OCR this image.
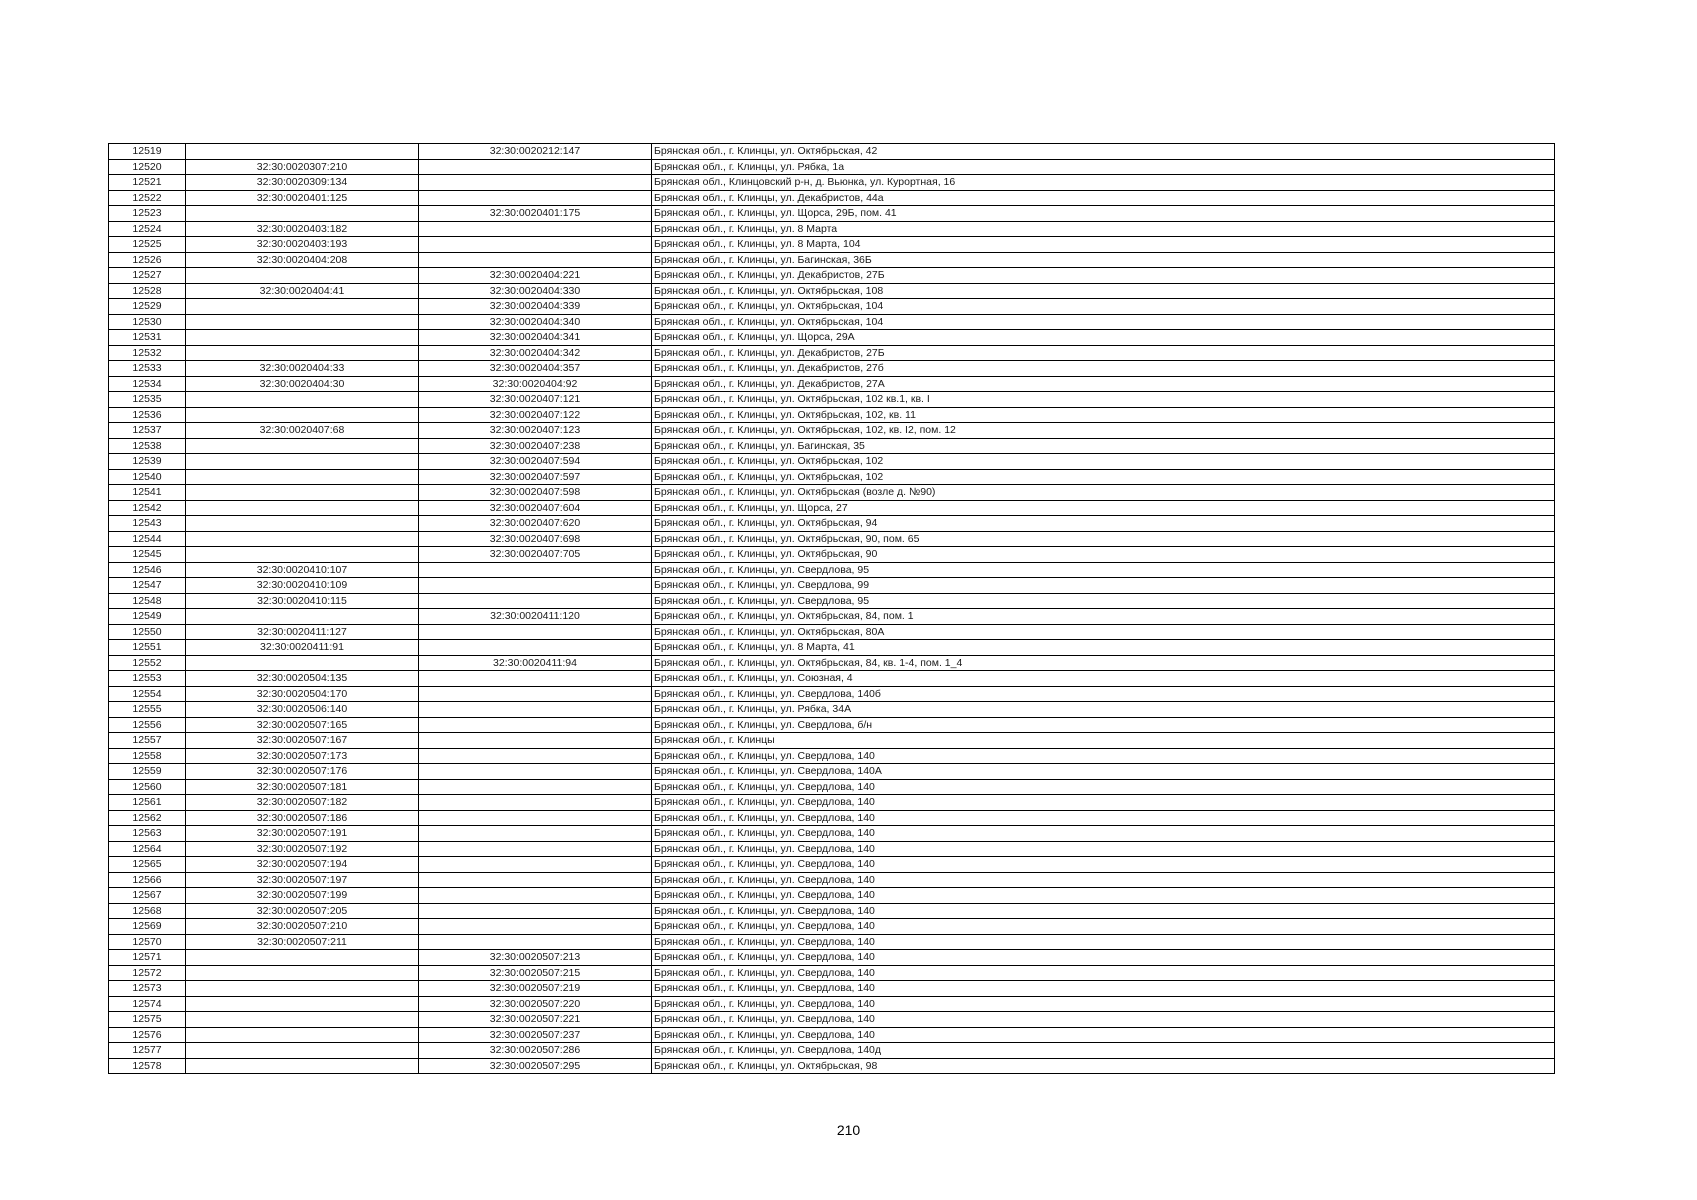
12519		32:30:0020212:147	Брянская обл., г. Клинцы, ул. Октябрьская, 42
12520	32:30:0020307:210		Брянская обл., г. Клинцы, ул. Рябка, 1а
12521	32:30:0020309:134		Брянская обл., Клинцовский р-н, д. Вьюнка, ул. Курортная, 16
12522	32:30:0020401:125		Брянская обл., г. Клинцы, ул. Декабристов, 44а
12523		32:30:0020401:175	Брянская обл., г. Клинцы, ул. Щорса, 29Б, пом. 41
12524	32:30:0020403:182		Брянская обл., г. Клинцы, ул. 8 Марта
12525	32:30:0020403:193		Брянская обл., г. Клинцы, ул. 8 Марта, 104
12526	32:30:0020404:208		Брянская обл., г. Клинцы, ул. Багинская, 36Б
12527		32:30:0020404:221	Брянская обл., г. Клинцы, ул. Декабристов, 27Б
12528	32:30:0020404:41	32:30:0020404:330	Брянская обл., г. Клинцы, ул. Октябрьская, 108
12529		32:30:0020404:339	Брянская обл., г. Клинцы, ул. Октябрьская, 104
12530		32:30:0020404:340	Брянская обл., г. Клинцы, ул. Октябрьская, 104
12531		32:30:0020404:341	Брянская обл., г. Клинцы, ул. Щорса, 29А
12532		32:30:0020404:342	Брянская обл., г. Клинцы, ул. Декабристов, 27Б
12533	32:30:0020404:33	32:30:0020404:357	Брянская обл., г. Клинцы, ул. Декабристов, 27б
12534	32:30:0020404:30	32:30:0020404:92	Брянская обл., г. Клинцы, ул. Декабристов, 27А
12535		32:30:0020407:121	Брянская обл., г. Клинцы, ул. Октябрьская, 102 кв.1, кв. I
12536		32:30:0020407:122	Брянская обл., г. Клинцы, ул. Октябрьская, 102, кв. 11
12537	32:30:0020407:68	32:30:0020407:123	Брянская обл., г. Клинцы, ул. Октябрьская, 102, кв. I2, пом. 12
12538		32:30:0020407:238	Брянская обл., г. Клинцы, ул. Багинская, 35
12539		32:30:0020407:594	Брянская обл., г. Клинцы, ул. Октябрьская, 102
12540		32:30:0020407:597	Брянская обл., г. Клинцы, ул. Октябрьская, 102
12541		32:30:0020407:598	Брянская обл., г. Клинцы, ул. Октябрьская (возле д. №90)
12542		32:30:0020407:604	Брянская обл., г. Клинцы, ул. Щорса, 27
12543		32:30:0020407:620	Брянская обл., г. Клинцы, ул. Октябрьская, 94
12544		32:30:0020407:698	Брянская обл., г. Клинцы, ул. Октябрьская, 90, пом. 65
12545		32:30:0020407:705	Брянская обл., г. Клинцы, ул. Октябрьская, 90
12546	32:30:0020410:107		Брянская обл., г. Клинцы, ул. Свердлова, 95
12547	32:30:0020410:109		Брянская обл., г. Клинцы, ул. Свердлова, 99
12548	32:30:0020410:115		Брянская обл., г. Клинцы, ул. Свердлова, 95
12549		32:30:0020411:120	Брянская обл., г. Клинцы, ул. Октябрьская, 84, пом. 1
12550	32:30:0020411:127		Брянская обл., г. Клинцы, ул. Октябрьская, 80А
12551	32:30:0020411:91		Брянская обл., г. Клинцы, ул. 8 Марта, 41
12552		32:30:0020411:94	Брянская обл., г. Клинцы, ул. Октябрьская, 84, кв. 1-4, пом. 1_4
12553	32:30:0020504:135		Брянская обл., г. Клинцы, ул. Союзная, 4
12554	32:30:0020504:170		Брянская обл., г. Клинцы, ул. Свердлова, 140б
12555	32:30:0020506:140		Брянская обл., г. Клинцы, ул. Рябка, 34А
12556	32:30:0020507:165		Брянская обл., г. Клинцы, ул. Свердлова, б/н
12557	32:30:0020507:167		Брянская обл., г. Клинцы
12558	32:30:0020507:173		Брянская обл., г. Клинцы, ул. Свердлова, 140
12559	32:30:0020507:176		Брянская обл., г. Клинцы, ул. Свердлова, 140А
12560	32:30:0020507:181		Брянская обл., г. Клинцы, ул. Свердлова, 140
12561	32:30:0020507:182		Брянская обл., г. Клинцы, ул. Свердлова, 140
12562	32:30:0020507:186		Брянская обл., г. Клинцы, ул. Свердлова, 140
12563	32:30:0020507:191		Брянская обл., г. Клинцы, ул. Свердлова, 140
12564	32:30:0020507:192		Брянская обл., г. Клинцы, ул. Свердлова, 140
12565	32:30:0020507:194		Брянская обл., г. Клинцы, ул. Свердлова, 140
12566	32:30:0020507:197		Брянская обл., г. Клинцы, ул. Свердлова, 140
12567	32:30:0020507:199		Брянская обл., г. Клинцы, ул. Свердлова, 140
12568	32:30:0020507:205		Брянская обл., г. Клинцы, ул. Свердлова, 140
12569	32:30:0020507:210		Брянская обл., г. Клинцы, ул. Свердлова, 140
12570	32:30:0020507:211		Брянская обл., г. Клинцы, ул. Свердлова, 140
12571		32:30:0020507:213	Брянская обл., г. Клинцы, ул. Свердлова, 140
12572		32:30:0020507:215	Брянская обл., г. Клинцы, ул. Свердлова, 140
12573		32:30:0020507:219	Брянская обл., г. Клинцы, ул. Свердлова, 140
12574		32:30:0020507:220	Брянская обл., г. Клинцы, ул. Свердлова, 140
12575		32:30:0020507:221	Брянская обл., г. Клинцы, ул. Свердлова, 140
12576		32:30:0020507:237	Брянская обл., г. Клинцы, ул. Свердлова, 140
12577		32:30:0020507:286	Брянская обл., г. Клинцы, ул. Свердлова, 140д
12578		32:30:0020507:295	Брянская обл., г. Клинцы, ул. Октябрьская, 98
210
